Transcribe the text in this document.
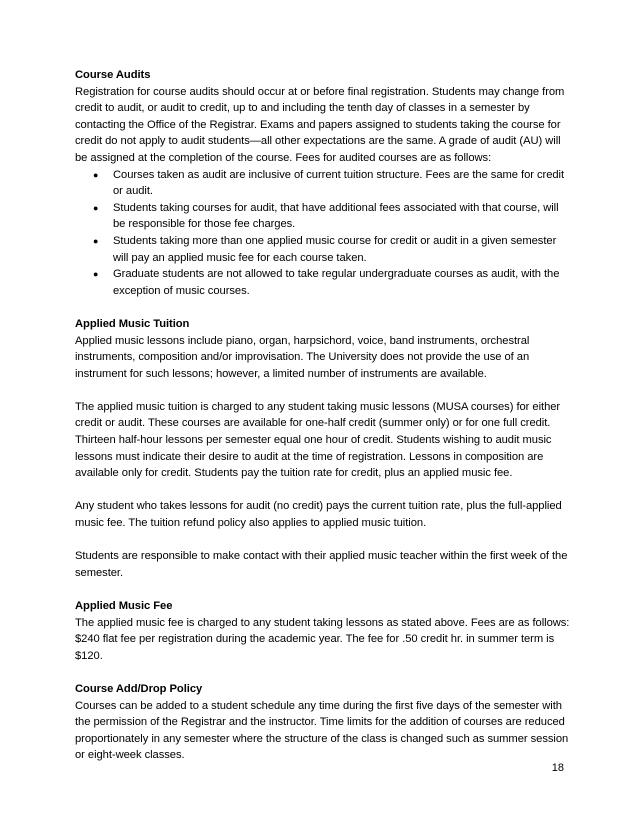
Course Audits
Registration for course audits should occur at or before final registration. Students may change from credit to audit, or audit to credit, up to and including the tenth day of classes in a semester by contacting the Office of the Registrar. Exams and papers assigned to students taking the course for credit do not apply to audit students—all other expectations are the same. A grade of audit (AU) will be assigned at the completion of the course. Fees for audited courses are as follows:
● Courses taken as audit are inclusive of current tuition structure. Fees are the same for credit or audit.
● Students taking courses for audit, that have additional fees associated with that course, will be responsible for those fee charges.
● Students taking more than one applied music course for credit or audit in a given semester will pay an applied music fee for each course taken.
● Graduate students are not allowed to take regular undergraduate courses as audit, with the exception of music courses.
Applied Music Tuition
Applied music lessons include piano, organ, harpsichord, voice, band instruments, orchestral instruments, composition and/or improvisation. The University does not provide the use of an instrument for such lessons; however, a limited number of instruments are available.
The applied music tuition is charged to any student taking music lessons (MUSA courses) for either credit or audit. These courses are available for one-half credit (summer only) or for one full credit. Thirteen half-hour lessons per semester equal one hour of credit. Students wishing to audit music lessons must indicate their desire to audit at the time of registration. Lessons in composition are available only for credit. Students pay the tuition rate for credit, plus an applied music fee.
Any student who takes lessons for audit (no credit) pays the current tuition rate, plus the full-applied music fee. The tuition refund policy also applies to applied music tuition.
Students are responsible to make contact with their applied music teacher within the first week of the semester.
Applied Music Fee
The applied music fee is charged to any student taking lessons as stated above. Fees are as follows: $240 flat fee per registration during the academic year. The fee for .50 credit hr. in summer term is $120.
Course Add/Drop Policy
Courses can be added to a student schedule any time during the first five days of the semester with the permission of the Registrar and the instructor. Time limits for the addition of courses are reduced proportionately in any semester where the structure of the class is changed such as summer session or eight-week classes.
18
